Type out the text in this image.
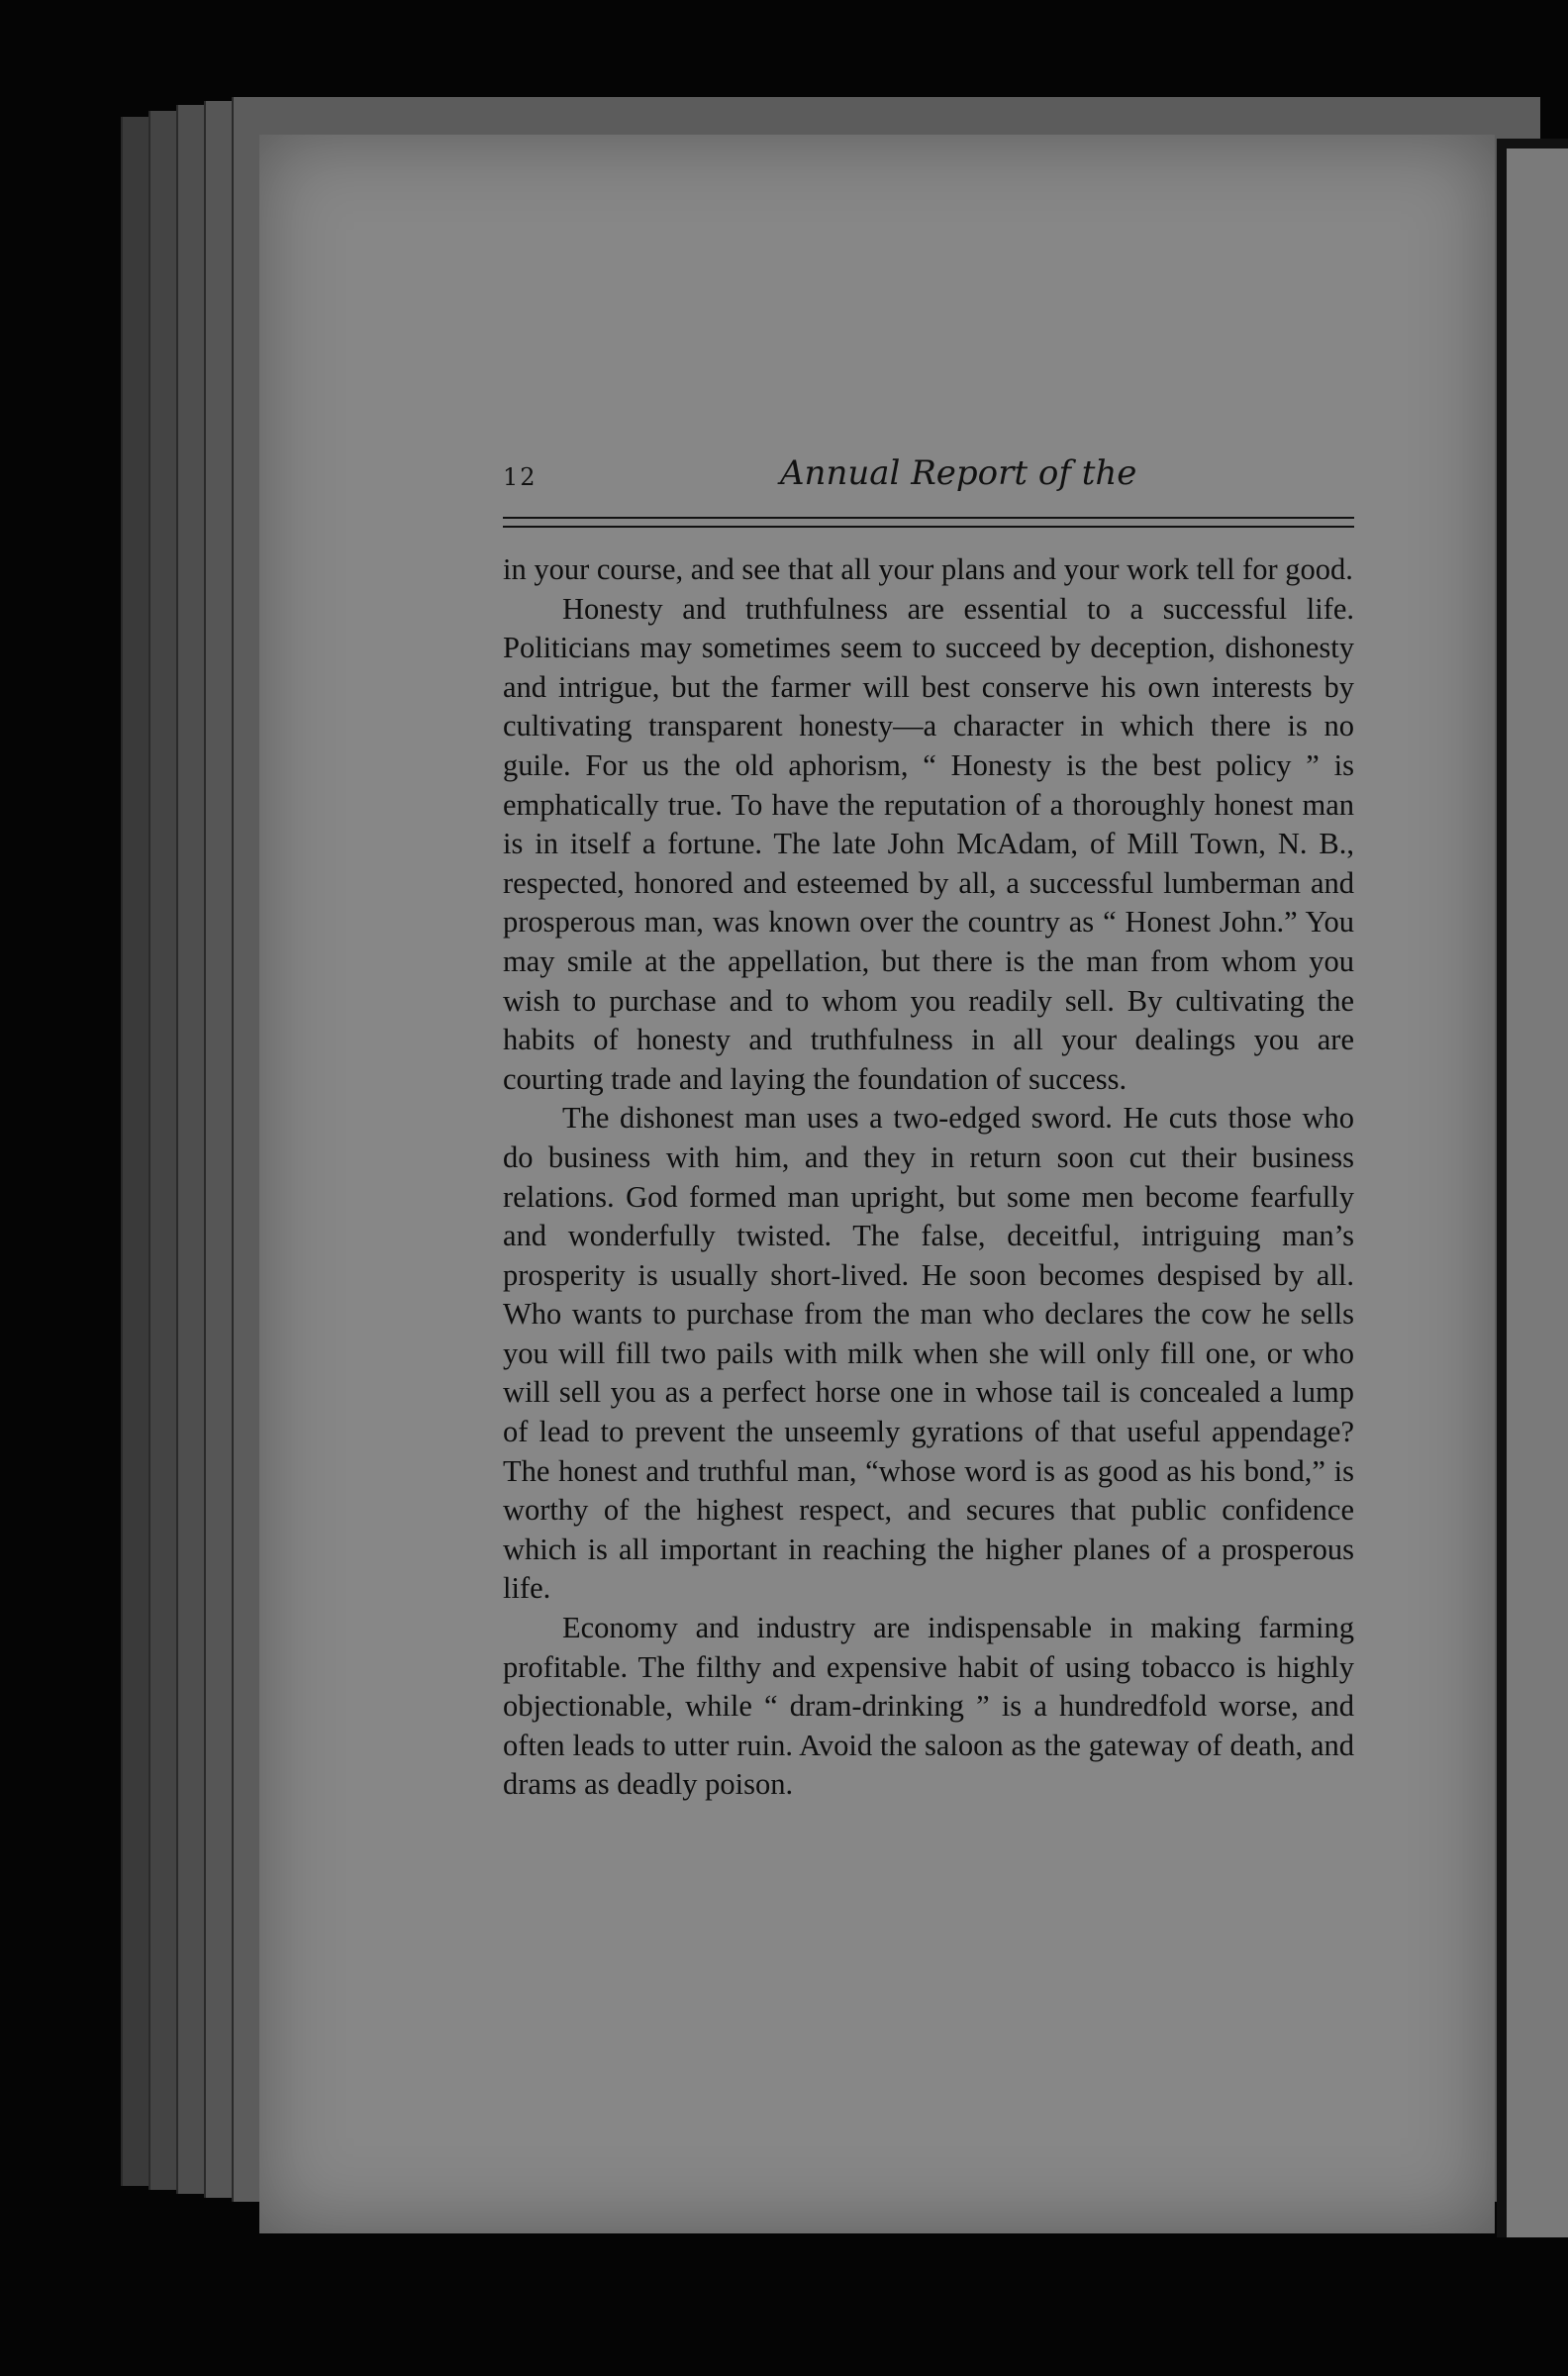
12	Annual Report of the

in your course, and see that all your plans and your work tell for good.

Honesty and truthfulness are essential to a successful life. Politicians may sometimes seem to succeed by deception, dishonesty and intrigue, but the farmer will best conserve his own interests by cultivating transparent honesty—a character in which there is no guile. For us the old aphorism, “ Honesty is the best policy ” is emphatically true. To have the reputation of a thoroughly honest man is in itself a fortune. The late John McAdam, of Mill Town, N. B., respected, honored and esteemed by all, a successful lumberman and prosperous man, was known over the country as “ Honest John.” You may smile at the appellation, but there is the man from whom you wish to purchase and to whom you readily sell. By cultivating the habits of honesty and truthfulness in all your dealings you are courting trade and laying the foundation of success.

The dishonest man uses a two-edged sword. He cuts those who do business with him, and they in return soon cut their business relations. God formed man upright, but some men become fearfully and wonderfully twisted. The false, deceitful, intriguing man’s prosperity is usually short-lived. He soon becomes despised by all. Who wants to purchase from the man who declares the cow he sells you will fill two pails with milk when she will only fill one, or who will sell you as a perfect horse one in whose tail is concealed a lump of lead to prevent the unseemly gyrations of that useful appendage? The honest and truthful man, “whose word is as good as his bond,” is worthy of the highest respect, and secures that public confidence which is all important in reaching the higher planes of a prosperous life.

Economy and industry are indispensable in making farming profitable. The filthy and expensive habit of using tobacco is highly objectionable, while “ dram-drinking ” is a hundredfold worse, and often leads to utter ruin. Avoid the saloon as the gateway of death, and drams as deadly poison.
